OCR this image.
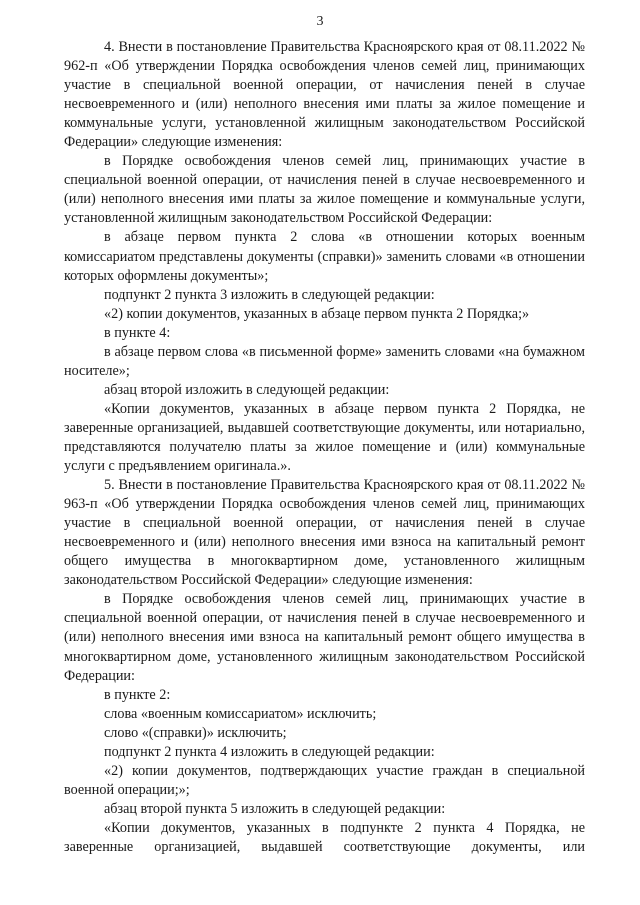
3

4. Внести в постановление Правительства Красноярского края от 08.11.2022 № 962-п «Об утверждении Порядка освобождения членов семей лиц, принимающих участие в специальной военной операции, от начисления пеней в случае несвоевременного и (или) неполного внесения ими платы за жилое помещение и коммунальные услуги, установленной жилищным законодательством Российской Федерации» следующие изменения:

в Порядке освобождения членов семей лиц, принимающих участие в специальной военной операции, от начисления пеней в случае несвоевременного и (или) неполного внесения ими платы за жилое помещение и коммунальные услуги, установленной жилищным законодательством Российской Федерации:

в абзаце первом пункта 2 слова «в отношении которых военным комиссариатом представлены документы (справки)» заменить словами «в отношении которых оформлены документы»;

подпункт 2 пункта 3 изложить в следующей редакции:

«2) копии документов, указанных в абзаце первом пункта 2 Порядка;»

в пункте 4:

в абзаце первом слова «в письменной форме» заменить словами «на бумажном носителе»;

абзац второй изложить в следующей редакции:

«Копии документов, указанных в абзаце первом пункта 2 Порядка, не заверенные организацией, выдавшей соответствующие документы, или нотариально, представляются получателю платы за жилое помещение и (или) коммунальные услуги с предъявлением оригинала.».

5. Внести в постановление Правительства Красноярского края от 08.11.2022 № 963-п «Об утверждении Порядка освобождения членов семей лиц, принимающих участие в специальной военной операции, от начисления пеней в случае несвоевременного и (или) неполного внесения ими взноса на капитальный ремонт общего имущества в многоквартирном доме, установленного жилищным законодательством Российской Федерации» следующие изменения:

в Порядке освобождения членов семей лиц, принимающих участие в специальной военной операции, от начисления пеней в случае несвоевременного и (или) неполного внесения ими взноса на капитальный ремонт общего имущества в многоквартирном доме, установленного жилищным законодательством Российской Федерации:

в пункте 2:

слова «военным комиссариатом» исключить;

слово «(справки)» исключить;

подпункт 2 пункта 4 изложить в следующей редакции:

«2) копии документов, подтверждающих участие граждан в специальной военной операции;»;

абзац второй пункта 5 изложить в следующей редакции:

«Копии документов, указанных в подпункте 2 пункта 4 Порядка, не заверенные организацией, выдавшей соответствующие документы, или
